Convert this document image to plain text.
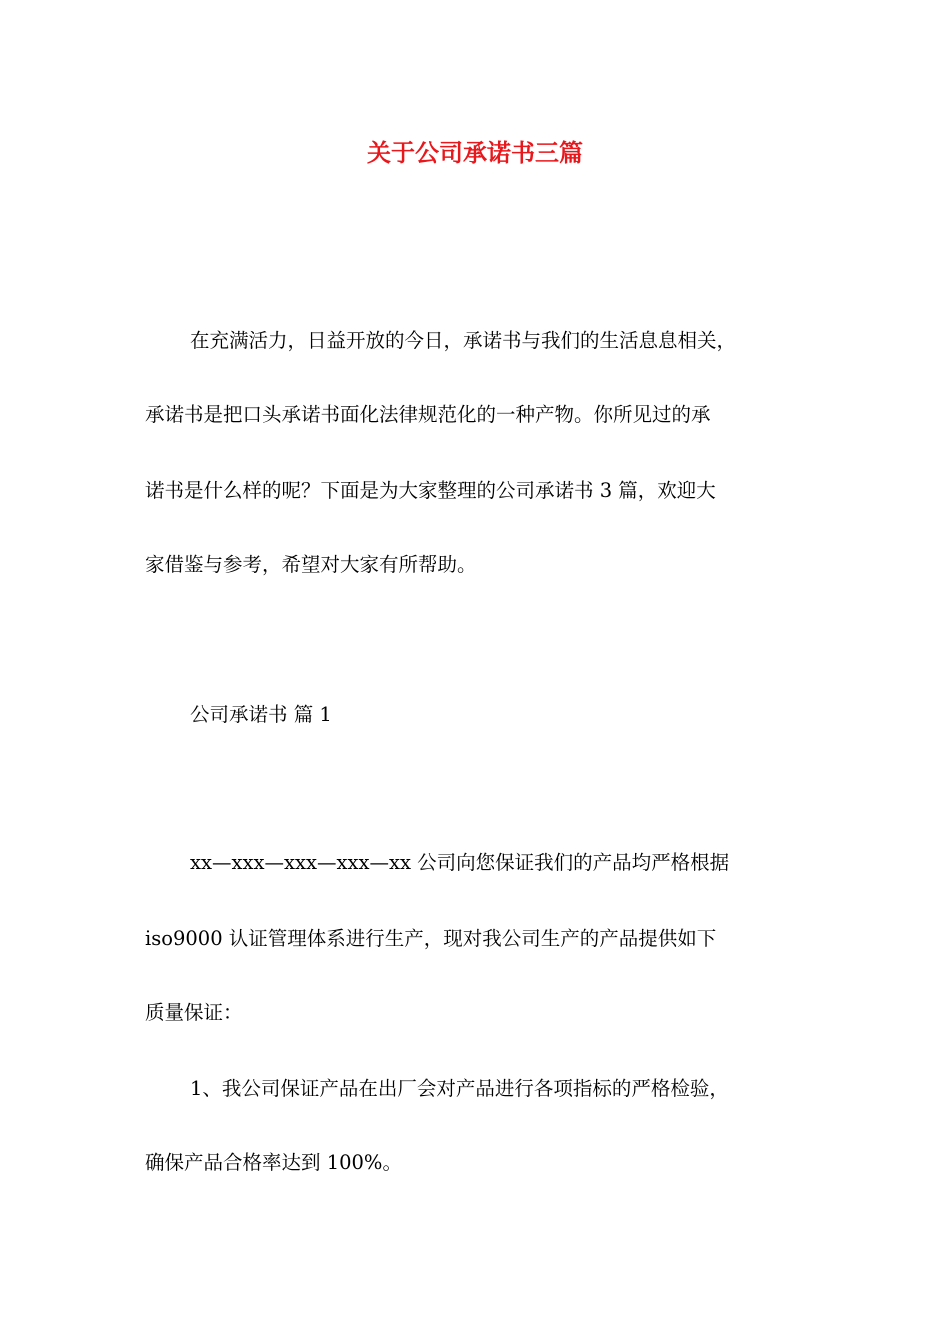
关于公司承诺书三篇
在充满活力，日益开放的今日，承诺书与我们的生活息息相关，
承诺书是把口头承诺书面化法律规范化的一种产物。你所见过的承
诺书是什么样的呢？下面是为大家整理的公司承诺书 3 篇，欢迎大
家借鉴与参考，希望对大家有所帮助。
公司承诺书 篇 1
xx—xxx—xxx—xxx—xx 公司向您保证我们的产品均严格根据
iso9000 认证管理体系进行生产，现对我公司生产的产品提供如下
质量保证：
1、我公司保证产品在出厂会对产品进行各项指标的严格检验，
确保产品合格率达到 100%。
